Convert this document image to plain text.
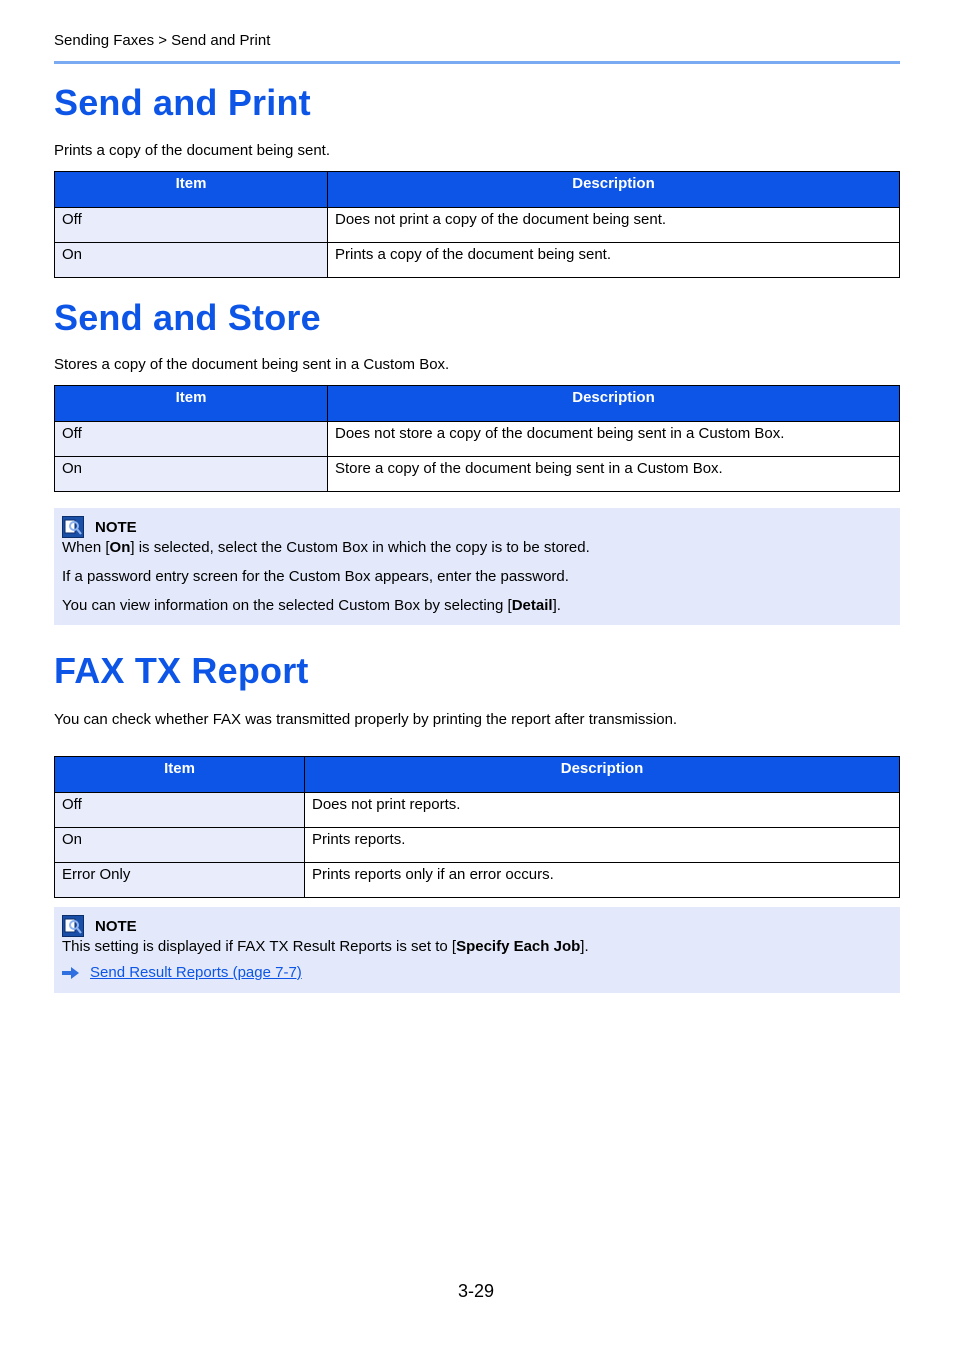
Sending Faxes > Send and Print
Send and Print

Prints a copy of the document being sent.

Item	Description
Off	Does not print a copy of the document being sent.
On	Prints a copy of the document being sent.
Send and Store

Stores a copy of the document being sent in a Custom Box.

Item	Description
Off	Does not store a copy of the document being sent in a Custom Box.
On	Store a copy of the document being sent in a Custom Box.
NOTE

When [On] is selected, select the Custom Box in which the copy is to be stored.

If a password entry screen for the Custom Box appears, enter the password.

You can view information on the selected Custom Box by selecting [Detail].

FAX TX Report

You can check whether FAX was transmitted properly by printing the report after transmission.

Item	Description
Off	Does not print reports.
On	Prints reports.
Error Only	Prints reports only if an error occurs.
NOTE

This setting is displayed if FAX TX Result Reports is set to [Specify Each Job].

Send Result Reports (page 7-7)
3-29
